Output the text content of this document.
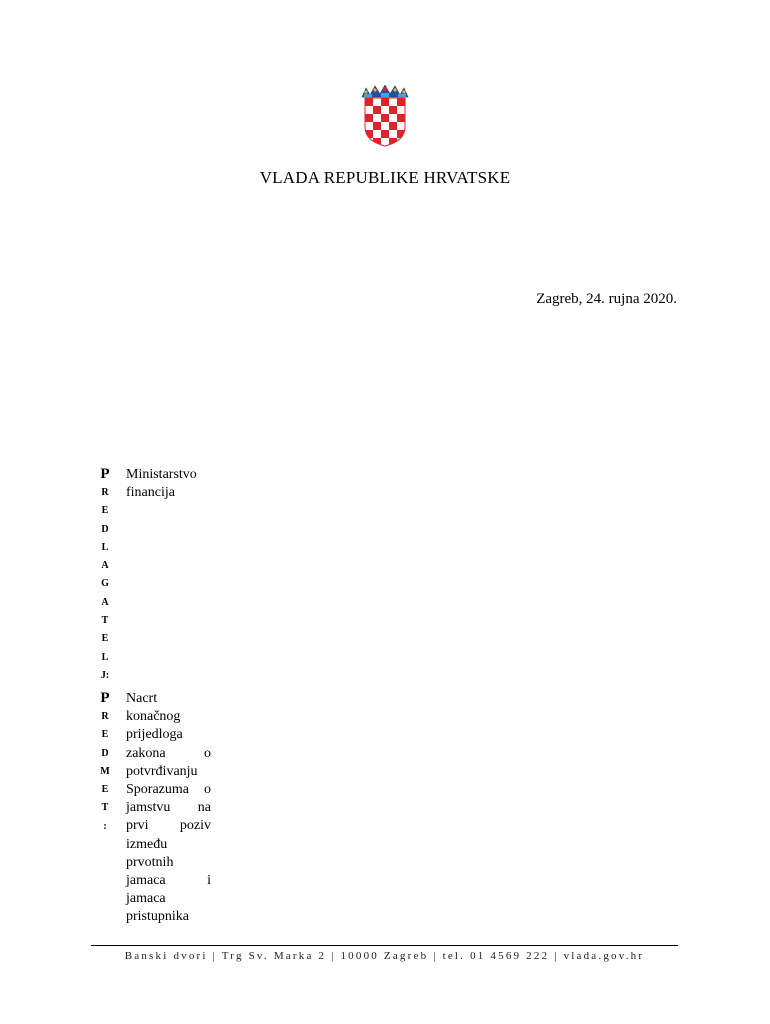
VLADA REPUBLIKE HRVATSKE
Zagreb, 24. rujna 2020.
P
R
E
D
L
A
G
A
T
E
L
J:
Ministarstvo
financija
P
R
E
D
M
E
T
:
Nacrt
konačnog
prijedloga
zakona o
potvrđivanju
Sporazuma o
jamstvu na
prvi poziv
između
prvotnih
jamaca i
jamaca
pristupnika
Banski dvori | Trg Sv. Marka 2 | 10000 Zagreb | tel. 01 4569 222 | vlada.gov.hr
